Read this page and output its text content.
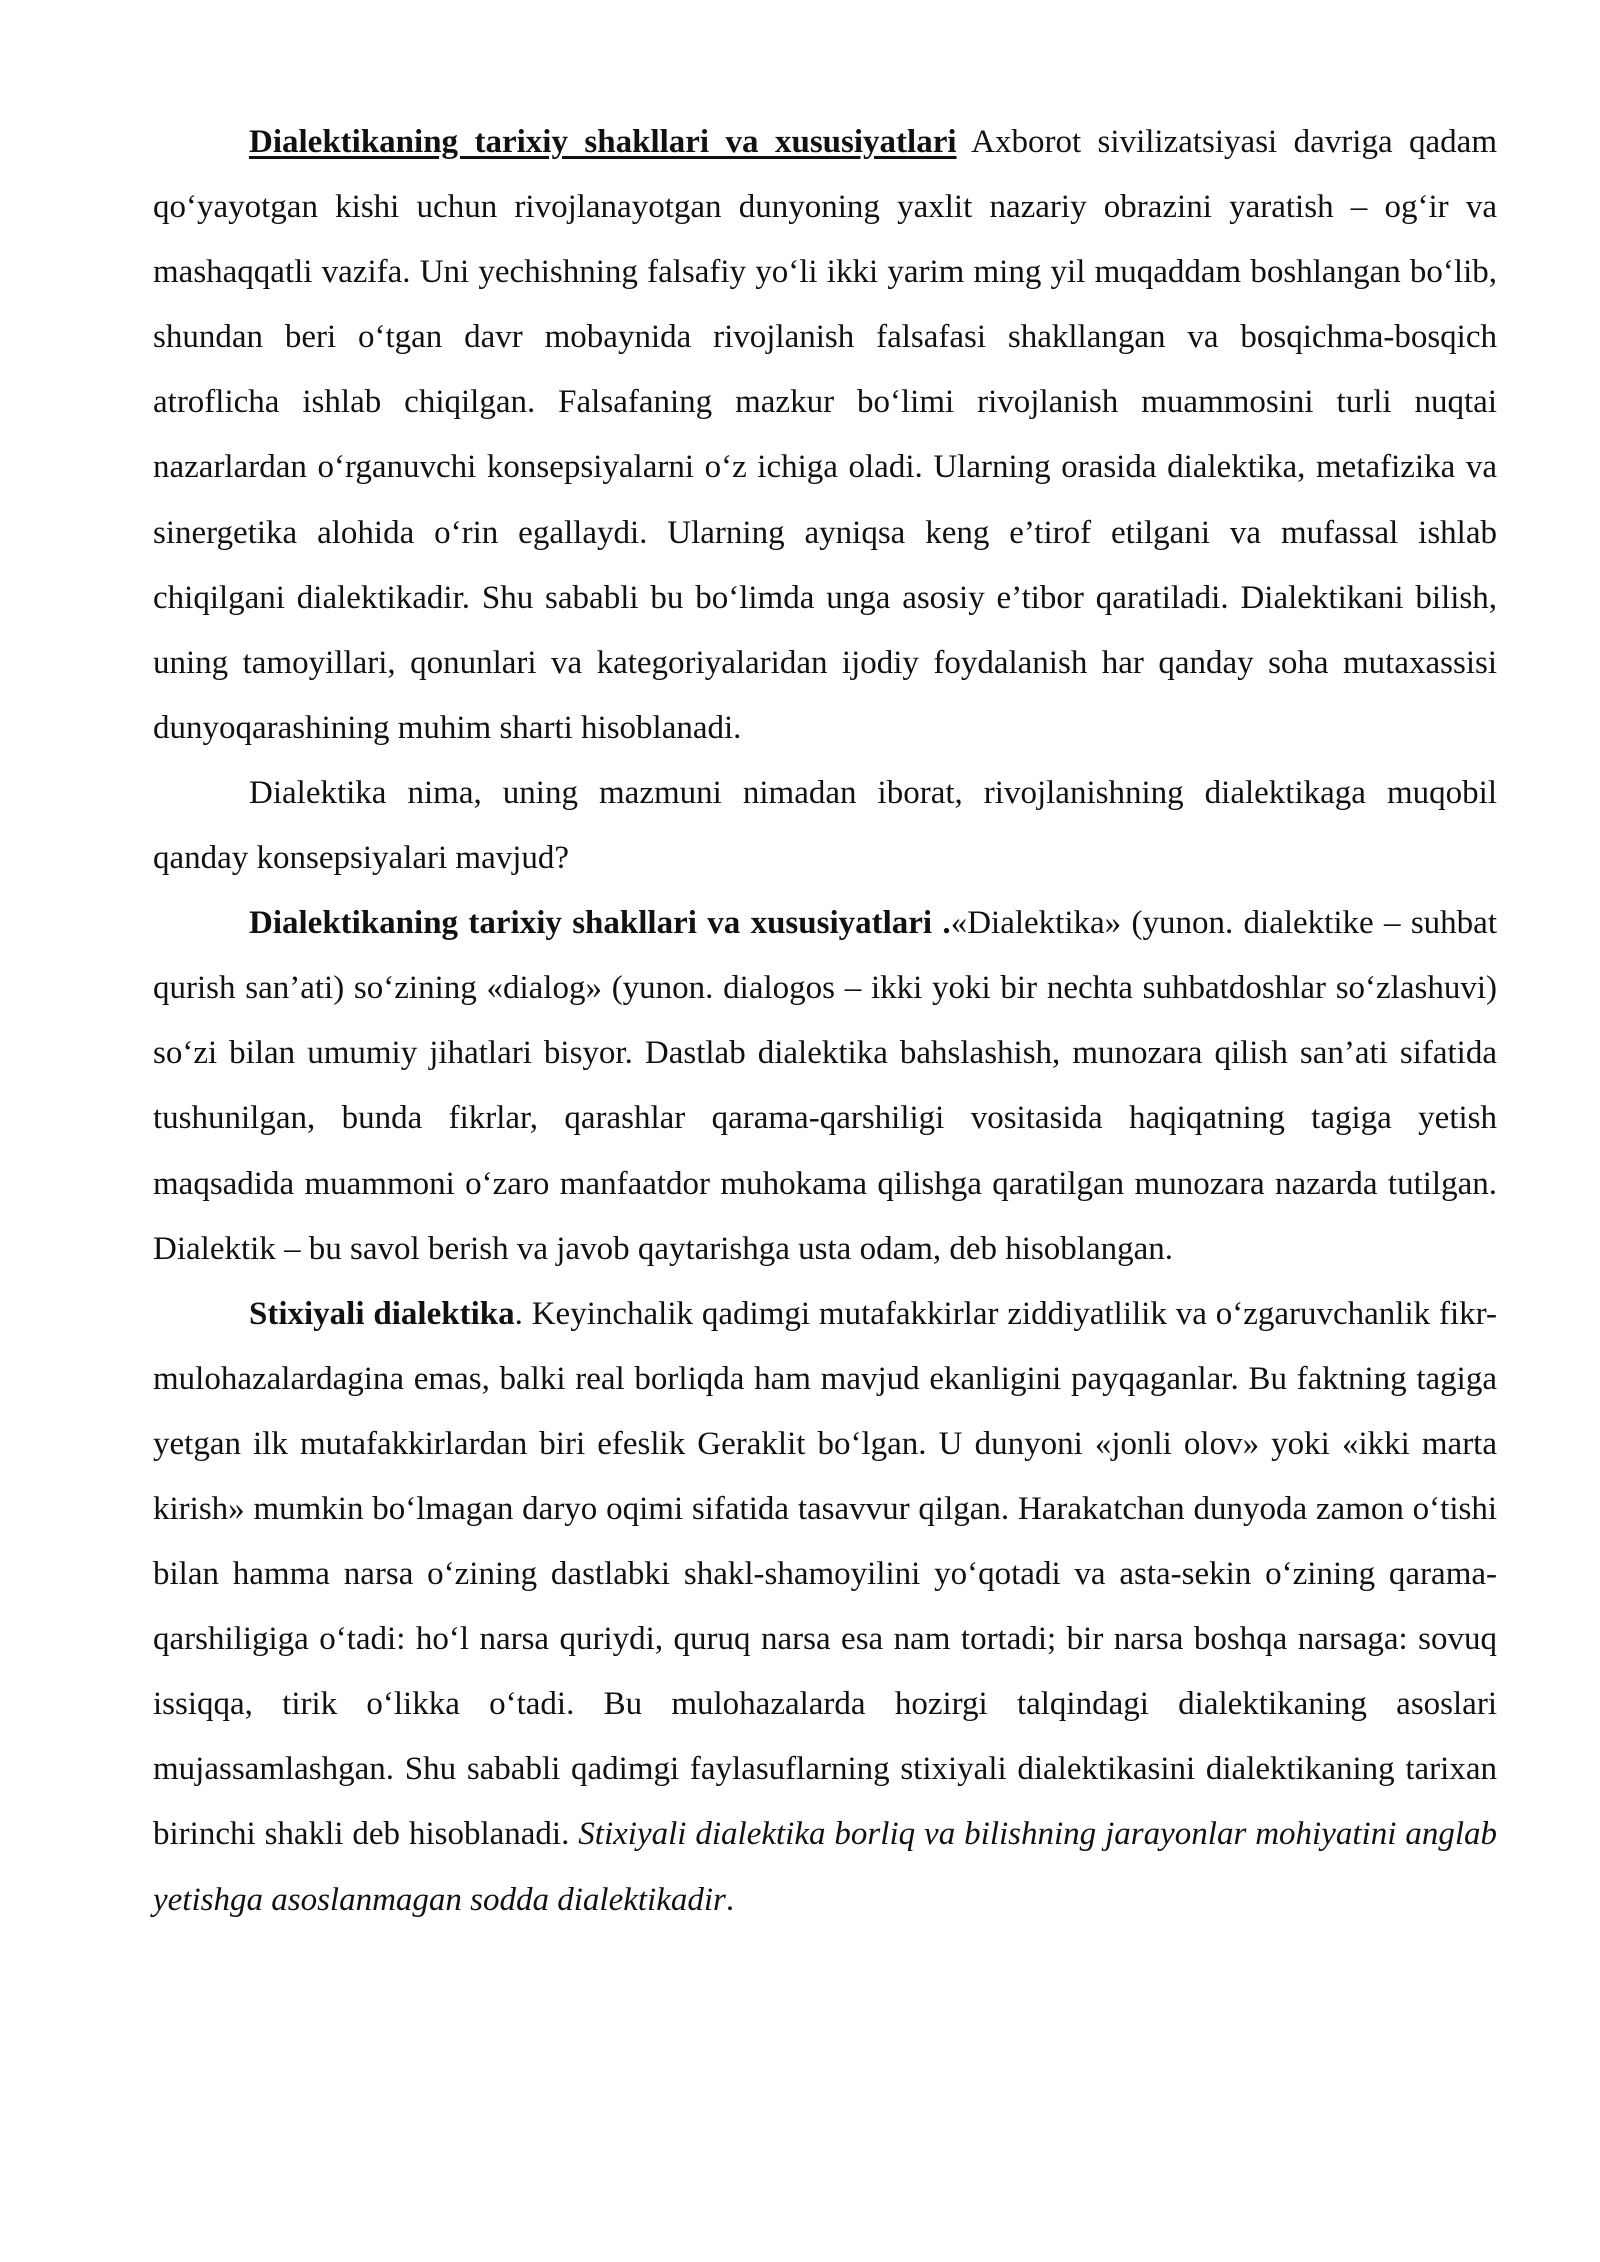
Dialektikaning tarixiy shakllari va xususiyatlari Axborot sivilizatsiyasi davriga qadam qo‘yayotgan kishi uchun rivojlanayotgan dunyoning yaxlit nazariy obrazini yaratish – og‘ir va mashaqqatli vazifa. Uni yechishning falsafiy yo‘li ikki yarim ming yil muqaddam boshlangan bo‘lib, shundan beri o‘tgan davr mobaynida rivojlanish falsafasi shakllangan va bosqichma-bosqich atroflicha ishlab chiqilgan. Falsafaning mazkur bo‘limi rivojlanish muammosini turli nuqtai nazarlardan o‘rganuvchi konsepsiyalarni o‘z ichiga oladi. Ularning orasida dialektika, metafizika va sinergetika alohida o‘rin egallaydi. Ularning ayniqsa keng e’tirof etilgani va mufassal ishlab chiqilgani dialektikadir. Shu sababli bu bo‘limda unga asosiy e’tibor qaratiladi. Dialektikani bilish, uning tamoyillari, qonunlari va kategoriyalaridan ijodiy foydalanish har qanday soha mutaxassisi dunyoqarashining muhim sharti hisoblanadi.

Dialektika nima, uning mazmuni nimadan iborat, rivojlanishning dialektikaga muqobil qanday konsepsiyalari mavjud?

Dialektikaning tarixiy shakllari va xususiyatlari .«Dialektika» (yunon. dialektike – suhbat qurish san’ati) so‘zining «dialog» (yunon. dialogos – ikki yoki bir nechta suhbatdoshlar so‘zlashuvi) so‘zi bilan umumiy jihatlari bisyor. Dastlab dialektika bahslashish, munozara qilish san’ati sifatida tushunilgan, bunda fikrlar, qarashlar qarama-qarshiligi vositasida haqiqatning tagiga yetish maqsadida muammoni o‘zaro manfaatdor muhokama qilishga qaratilgan munozara nazarda tutilgan. Dialektik – bu savol berish va javob qaytarishga usta odam, deb hisoblangan.

Stixiyali dialektika. Keyinchalik qadimgi mutafakkirlar ziddiyatlilik va o‘zgaruvchanlik fikr-mulohazalardagina emas, balki real borliqda ham mavjud ekanligini payqaganlar. Bu faktning tagiga yetgan ilk mutafakkirlardan biri efeslik Geraklit bo‘lgan. U dunyoni «jonli olov» yoki «ikki marta kirish» mumkin bo‘lmagan daryo oqimi sifatida tasavvur qilgan. Harakatchan dunyoda zamon o‘tishi bilan hamma narsa o‘zining dastlabki shakl-shamoyilini yo‘qotadi va asta-sekin o‘zining qarama-qarshiligiga o‘tadi: ho‘l narsa quriydi, quruq narsa esa nam tortadi; bir narsa boshqa narsaga: sovuq issiqqa, tirik o‘likka o‘tadi. Bu mulohazalarda hozirgi talqindagi dialektikaning asoslari mujassamlashgan. Shu sababli qadimgi faylasuflarning stixiyali dialektikasini dialektikaning tarixan birinchi shakli deb hisoblanadi. Stixiyali dialektika borliq va bilishning jarayonlar mohiyatini anglab yetishga asoslanmagan sodda dialektikadir.
